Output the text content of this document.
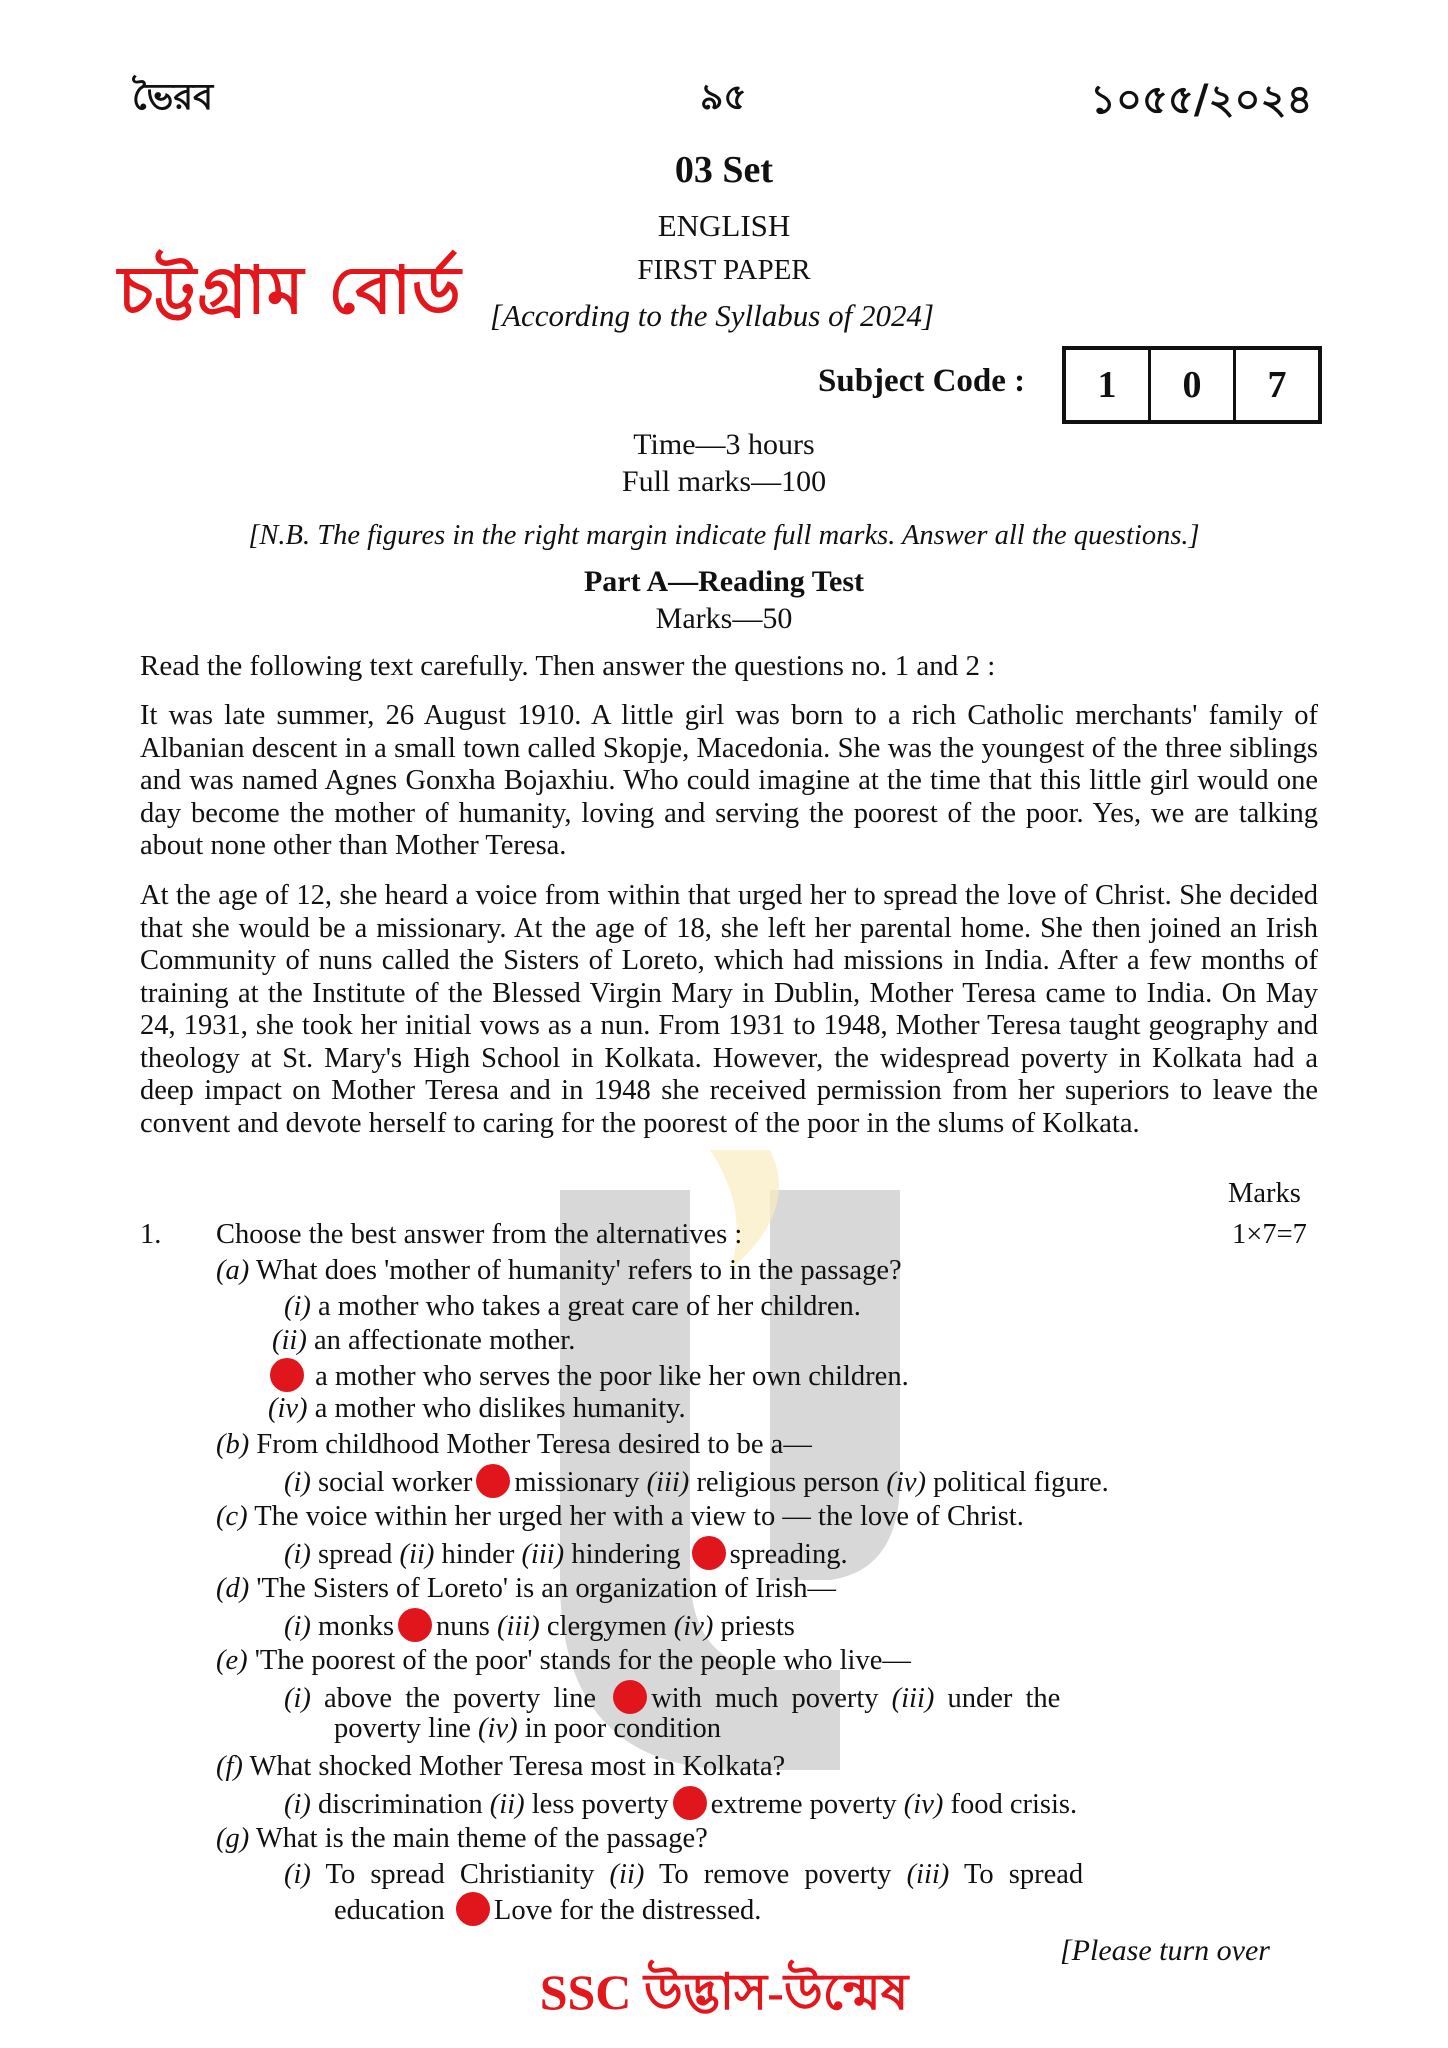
ভৈরব	৯৫	১০৫৫/২০২৪
চট্টগ্রাম বোর্ড
03 Set
ENGLISH
FIRST PAPER
[According to the Syllabus of 2024]
Subject Code :	1	0	7
Time—3 hours
Full marks—100
[N.B. The figures in the right margin indicate full marks. Answer all the questions.]
Part A—Reading Test
Marks—50
Read the following text carefully. Then answer the questions no. 1 and 2 :
It was late summer, 26 August 1910. A little girl was born to a rich Catholic merchants' family of Albanian descent in a small town called Skopje, Macedonia. She was the youngest of the three siblings and was named Agnes Gonxha Bojaxhiu. Who could imagine at the time that this little girl would one day become the mother of humanity, loving and serving the poorest of the poor. Yes, we are talking about none other than Mother Teresa.
At the age of 12, she heard a voice from within that urged her to spread the love of Christ. She decided that she would be a missionary. At the age of 18, she left her parental home. She then joined an Irish Community of nuns called the Sisters of Loreto, which had missions in India. After a few months of training at the Institute of the Blessed Virgin Mary in Dublin, Mother Teresa came to India. On May 24, 1931, she took her initial vows as a nun. From 1931 to 1948, Mother Teresa taught geography and theology at St. Mary's High School in Kolkata. However, the widespread poverty in Kolkata had a deep impact on Mother Teresa and in 1948 she received permission from her superiors to leave the convent and devote herself to caring for the poorest of the poor in the slums of Kolkata.
Marks
1. Choose the best answer from the alternatives :	1×7=7
(a) What does 'mother of humanity' refers to in the passage?
(i) a mother who takes a great care of her children.
(ii) an affectionate mother.
a mother who serves the poor like her own children.
(iv) a mother who dislikes humanity.
(b) From childhood Mother Teresa desired to be a—
(i) social worker missionary (iii) religious person (iv) political figure.
(c) The voice within her urged her with a view to — the love of Christ.
(i) spread (ii) hinder (iii) hindering spreading.
(d) 'The Sisters of Loreto' is an organization of Irish—
(i) monks nuns (iii) clergymen (iv) priests
(e) 'The poorest of the poor' stands for the people who live—
(i) above the poverty line with much poverty (iii) under the
poverty line (iv) in poor condition
(f) What shocked Mother Teresa most in Kolkata?
(i) discrimination (ii) less poverty extreme poverty (iv) food crisis.
(g) What is the main theme of the passage?
(i) To spread Christianity (ii) To remove poverty (iii) To spread
education Love for the distressed.
[Please turn over
SSC উদ্ভাস-উন্মেষ
